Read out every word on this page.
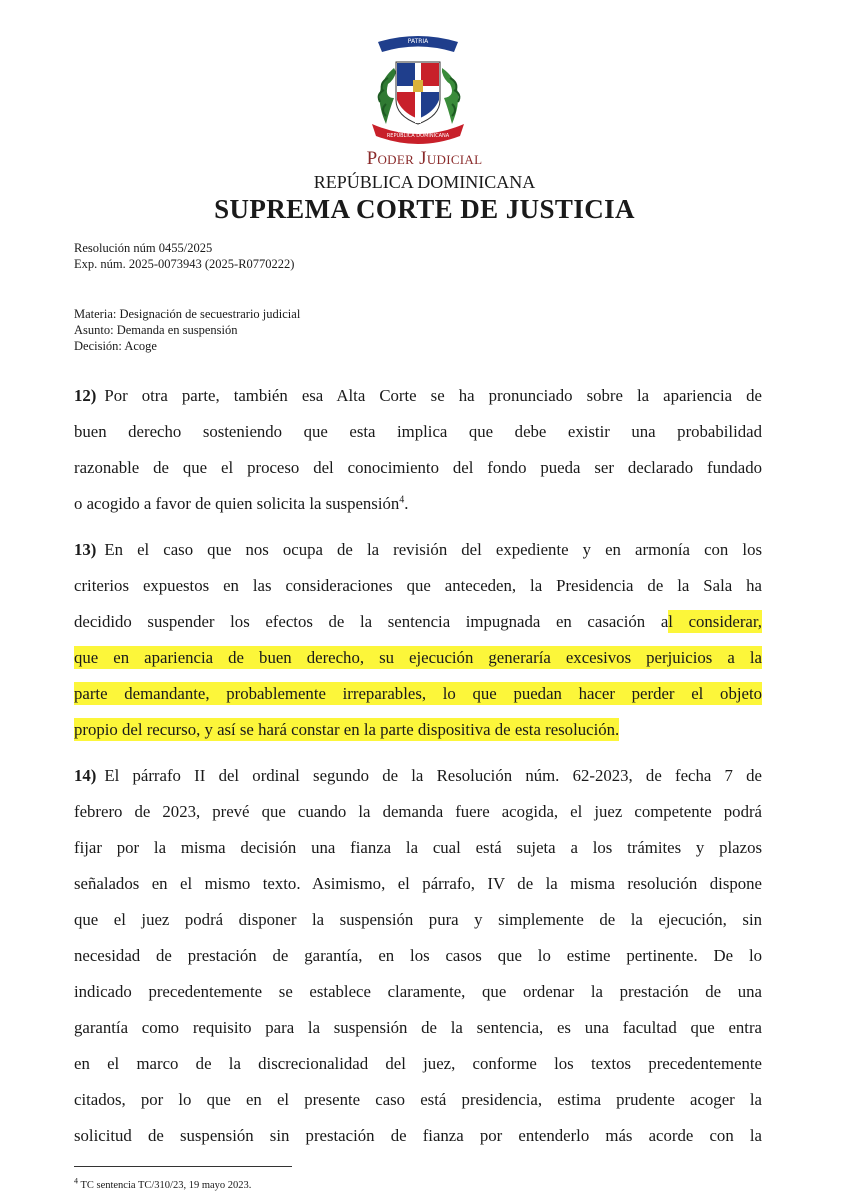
PATRIA
REPÚBLICA DOMINICANA
Poder Judicial
REPÚBLICA DOMINICANA
SUPREMA CORTE DE JUSTICIA
Resolución núm 0455/2025
Exp. núm. 2025-0073943 (2025-R0770222)
Materia: Designación de secuestrario judicial
Asunto: Demanda en suspensión
Decisión: Acoge
12) Por otra parte, también esa Alta Corte se ha pronunciado sobre la apariencia de
buen derecho sosteniendo que esta implica que debe existir una probabilidad
razonable de que el proceso del conocimiento del fondo pueda ser declarado fundado
o acogido a favor de quien solicita la suspensión$^4$.
13) En el caso que nos ocupa de la revisión del expediente y en armonía con los
criterios expuestos en las consideraciones que anteceden, la Presidencia de la Sala ha
decidido suspender los efectos de la sentencia impugnada en casación al considerar,
que en apariencia de buen derecho, su ejecución generaría excesivos perjuicios a la
parte demandante, probablemente irreparables, lo que puedan hacer perder el objeto
propio del recurso, y así se hará constar en la parte dispositiva de esta resolución.
14) El párrafo II del ordinal segundo de la Resolución núm. 62-2023, de fecha 7 de
febrero de 2023, prevé que cuando la demanda fuere acogida, el juez competente podrá
fijar por la misma decisión una fianza la cual está sujeta a los trámites y plazos
señalados en el mismo texto. Asimismo, el párrafo, IV de la misma resolución dispone
que el juez podrá disponer la suspensión pura y simplemente de la ejecución, sin
necesidad de prestación de garantía, en los casos que lo estime pertinente. De lo
indicado precedentemente se establece claramente, que ordenar la prestación de una
garantía como requisito para la suspensión de la sentencia, es una facultad que entra
en el marco de la discrecionalidad del juez, conforme los textos precedentemente
citados, por lo que en el presente caso está presidencia, estima prudente acoger la
solicitud de suspensión sin prestación de fianza por entenderlo más acorde con la
$^4$ TC sentencia TC/310/23, 19 mayo 2023.
